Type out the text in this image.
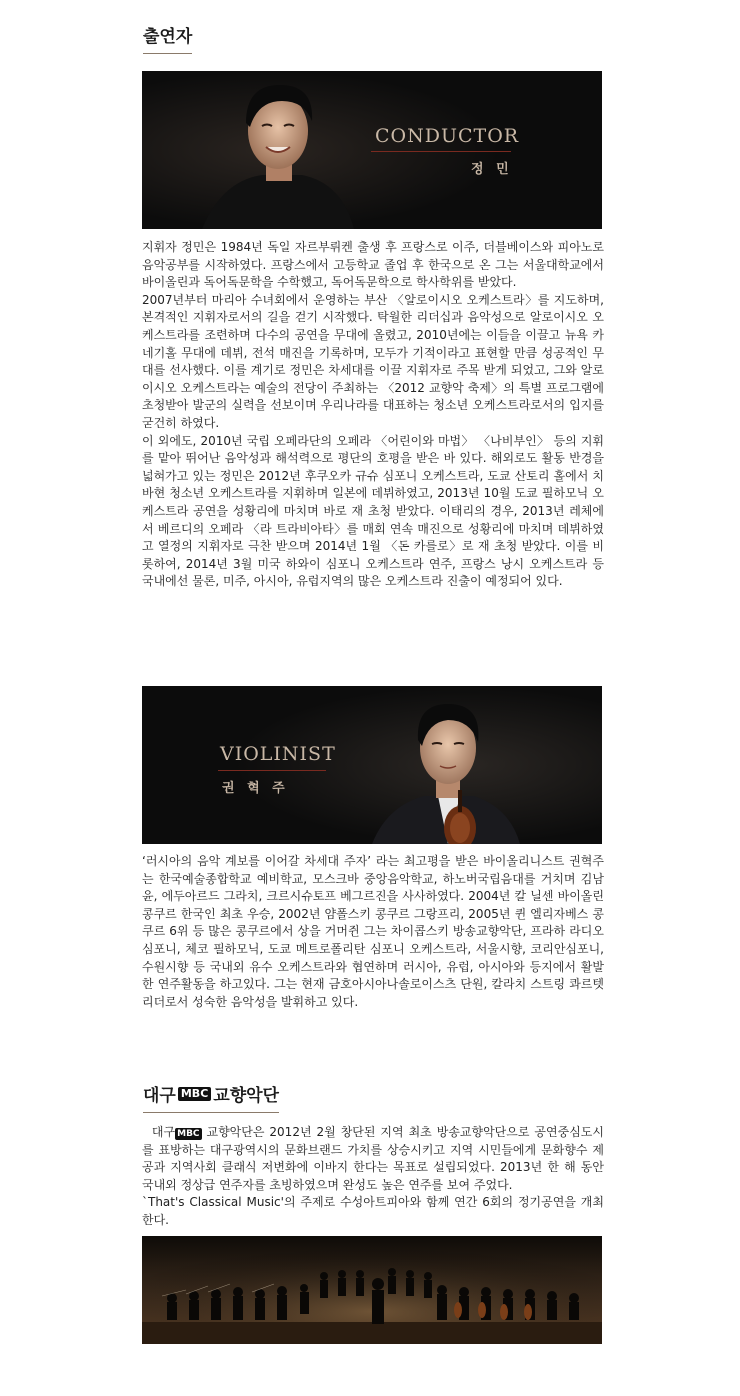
출연자
CONDUCTOR
정 민

지휘자 정민은 1984년 독일 자르부뤼켄 출생 후 프랑스로 이주, 더블베이스와 피아노로 음악공부를 시작하였다. 프랑스에서 고등학교 졸업 후 한국으로 온 그는 서울대학교에서 바이올린과 독어독문학을 수학했고, 독어독문학으로 학사학위를 받았다.

2007년부터 마리아 수녀회에서 운영하는 부산 〈알로이시오 오케스트라〉를 지도하며, 본격적인 지휘자로서의 길을 걷기 시작했다. 탁월한 리더십과 음악성으로 알로이시오 오케스트라를 조련하며 다수의 공연을 무대에 올렸고, 2010년에는 이들을 이끌고 뉴욕 카네기홀 무대에 데뷔, 전석 매진을 기록하며, 모두가 기적이라고 표현할 만큼 성공적인 무대를 선사했다. 이를 계기로 정민은 차세대를 이끌 지휘자로 주목 받게 되었고, 그와 알로이시오 오케스트라는 예술의 전당이 주최하는 〈2012 교향악 축제〉의 특별 프로그램에 초청받아 발군의 실력을 선보이며 우리나라를 대표하는 청소년 오케스트라로서의 입지를 굳건히 하였다.

이 외에도, 2010년 국립 오페라단의 오페라 〈어린이와 마법〉 〈나비부인〉 등의 지휘를 맡아 뛰어난 음악성과 해석력으로 평단의 호평을 받은 바 있다. 해외로도 활동 반경을 넓혀가고 있는 정민은 2012년 후쿠오카 규슈 심포니 오케스트라, 도쿄 산토리 홀에서 치바현 청소년 오케스트라를 지휘하며 일본에 데뷔하였고, 2013년 10월 도쿄 필하모닉 오케스트라 공연을 성황리에 마치며 바로 재 초청 받았다. 이태리의 경우, 2013년 레체에서 베르디의 오페라 〈라 트라비아타〉를 매회 연속 매진으로 성황리에 마치며 데뷔하였고 열정의 지휘자로 극찬 받으며 2014년 1월 〈돈 카를로〉로 재 초청 받았다. 이를 비롯하여, 2014년 3월 미국 하와이 심포니 오케스트라 연주, 프랑스 낭시 오케스트라 등 국내에선 물론, 미주, 아시아, 유럽지역의 많은 오케스트라 진출이 예정되어 있다.

VIOLINIST
권 혁 주

‘러시아의 음악 계보를 이어갈 차세대 주자’ 라는 최고평을 받은 바이올리니스트 권혁주는 한국예술종합학교 예비학교, 모스크바 중앙음악학교, 하노버국립음대를 거치며 김남윤, 에두아르드 그라치, 크르시슈토프 베그르진을 사사하였다. 2004년 칼 닐센 바이올린 콩쿠르 한국인 최초 우승, 2002년 얌폴스키 콩쿠르 그랑프리, 2005년 퀸 엘리자베스 콩쿠르 6위 등 많은 콩쿠르에서 상을 거머쥔 그는 차이콥스키 방송교향악단, 프라하 라디오 심포니, 체코 필하모닉, 도쿄 메트로폴리탄 심포니 오케스트라, 서울시향, 코리안심포니, 수원시향 등 국내외 유수 오케스트라와 협연하며 러시아, 유럽, 아시아와 등지에서 활발한 연주활동을 하고있다. 그는 현재 금호아시아나솔로이스츠 단원, 칼라치 스트링 콰르텟 리더로서 성숙한 음악성을 발휘하고 있다.

대구 MBC 교향악단

대구 MBC 교향악단은 2012년 2월 창단된 지역 최초 방송교향악단으로 공연중심도시를 표방하는 대구광역시의 문화브랜드 가치를 상승시키고 지역 시민들에게 문화향수 제공과 지역사회 클래식 저변화에 이바지 한다는 목표로 설립되었다. 2013년 한 해 동안 국내외 정상급 연주자를 초빙하였으며 완성도 높은 연주를 보여 주었다.

`That's Classical Music'의 주제로 수성아트피아와 함께 연간 6회의 정기공연을 개최한다.
